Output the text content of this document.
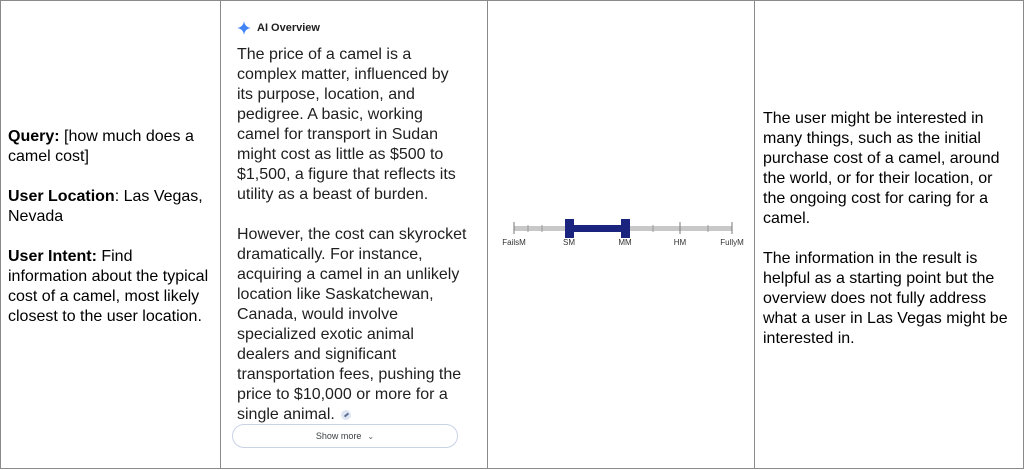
Query: [how much does a camel cost]

User Location: Las Vegas, Nevada

User Intent: Find information about the typical cost of a camel, most likely closest to the user location.

AI Overview

The price of a camel is a complex matter, influenced by its purpose, location, and pedigree. A basic, working camel for transport in Sudan might cost as little as $500 to $1,500, a figure that reflects its utility as a beast of burden.

However, the cost can skyrocket dramatically. For instance, acquiring a camel in an unlikely location like Saskatchewan, Canada, would involve specialized exotic animal dealers and significant transportation fees, pushing the price to $10,000 or more for a single animal.

Show more ⌄
FailsM	SM	MM	HM	FullyM

The user might be interested in many things, such as the initial purchase cost of a camel, around the world, or for their location, or the ongoing cost for caring for a camel.

The information in the result is helpful as a starting point but the overview does not fully address what a user in Las Vegas might be interested in.
